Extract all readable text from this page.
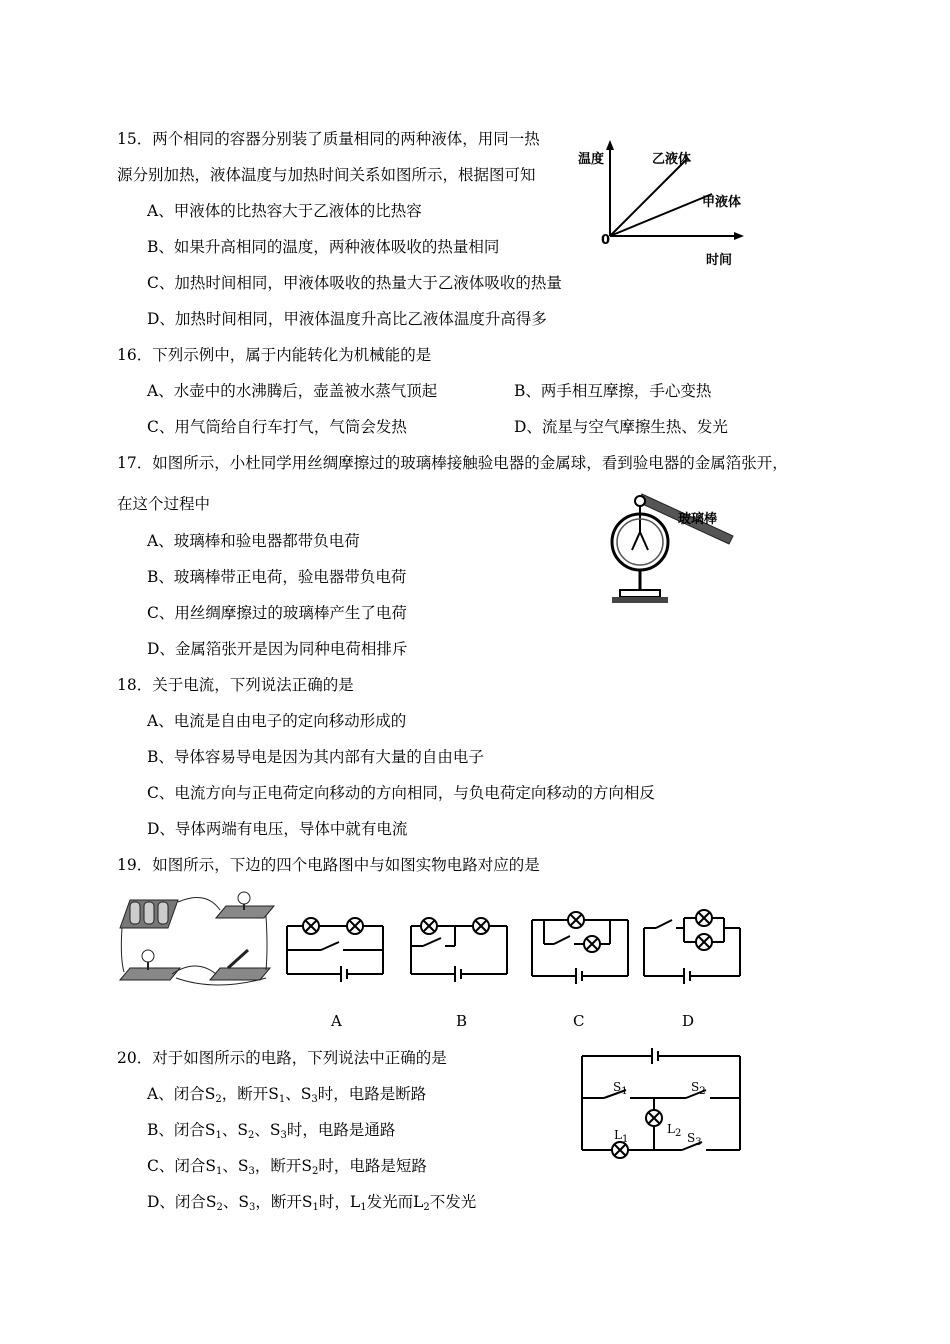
15．两个相同的容器分别装了质量相同的两种液体，用同一热
源分别加热，液体温度与加热时间关系如图所示，根据图可知
A、甲液体的比热容大于乙液体的比热容
B、如果升高相同的温度，两种液体吸收的热量相同
C、加热时间相同，甲液体吸收的热量大于乙液体吸收的热量
D、加热时间相同，甲液体温度升高比乙液体温度升高得多
温度	乙液体
甲液体
0
时间
16．下列示例中，属于内能转化为机械能的是
A、水壶中的水沸腾后，壶盖被水蒸气顶起	B、两手相互摩擦，手心变热
C、用气筒给自行车打气，气筒会发热	D、流星与空气摩擦生热、发光
17．如图所示，小杜同学用丝绸摩擦过的玻璃棒接触验电器的金属球，看到验电器的金属箔张开，
在这个过程中
A、玻璃棒和验电器都带负电荷
B、玻璃棒带正电荷，验电器带负电荷
C、用丝绸摩擦过的玻璃棒产生了电荷
D、金属箔张开是因为同种电荷相排斥
玻璃棒
18．关于电流，下列说法正确的是
A、电流是自由电子的定向移动形成的
B、导体容易导电是因为其内部有大量的自由电子
C、电流方向与正电荷定向移动的方向相同，与负电荷定向移动的方向相反
D、导体两端有电压，导体中就有电流
19．如图所示，下边的四个电路图中与如图实物电路对应的是
A	B	C	D
20．对于如图所示的电路，下列说法中正确的是
A、闭合$S_2$，断开$S_1$、$S_3$时，电路是断路
B、闭合$S_1$、$S_2$、$S_3$时，电路是通路
C、闭合$S_1$、$S_3$，断开$S_2$时，电路是短路
D、闭合$S_2$、$S_3$，断开$S_1$时，$L_1$发光而$L_2$不发光
$S_1$	$S_2$
$L_2$
$L_1$	$S_3$
